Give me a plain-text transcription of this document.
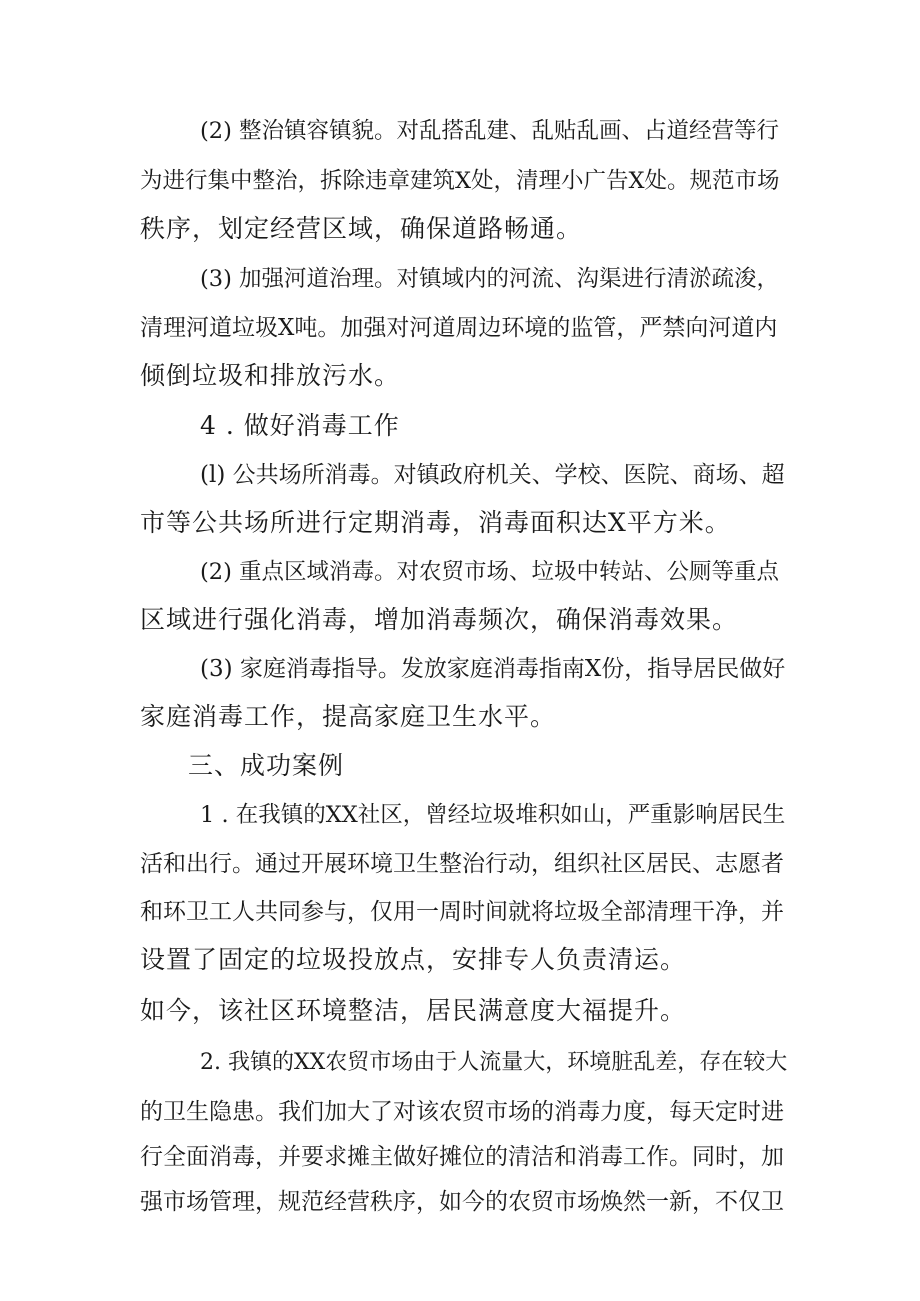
(2) 整治镇容镇貌。对乱搭乱建、乱贴乱画、占道经营等行
为进行集中整治，拆除违章建筑X处，清理小广告X处。规范市场
秩序，划定经营区域，确保道路畅通。
(3) 加强河道治理。对镇域内的河流、沟渠进行清淤疏浚，
清理河道垃圾X吨。加强对河道周边环境的监管，严禁向河道内
倾倒垃圾和排放污水。
4 . 做好消毒工作
(l) 公共场所消毒。对镇政府机关、学校、医院、商场、超
市等公共场所进行定期消毒，消毒面积达X平方米。
(2) 重点区域消毒。对农贸市场、垃圾中转站、公厕等重点
区域进行强化消毒，增加消毒频次，确保消毒效果。
(3) 家庭消毒指导。发放家庭消毒指南X份，指导居民做好
家庭消毒工作，提高家庭卫生水平。
三、成功案例
1 . 在我镇的XX社区，曾经垃圾堆积如山，严重影响居民生
活和出行。通过开展环境卫生整治行动，组织社区居民、志愿者
和环卫工人共同参与，仅用一周时间就将垃圾全部清理干净，并
设置了固定的垃圾投放点，安排专人负责清运。
如今，该社区环境整洁，居民满意度大福提升。
2. 我镇的XX农贸市场由于人流量大，环境脏乱差，存在较大
的卫生隐患。我们加大了对该农贸市场的消毒力度，每天定时进
行全面消毒，并要求摊主做好摊位的清洁和消毒工作。同时，加
强市场管理，规范经营秩序，如今的农贸市场焕然一新，不仅卫
